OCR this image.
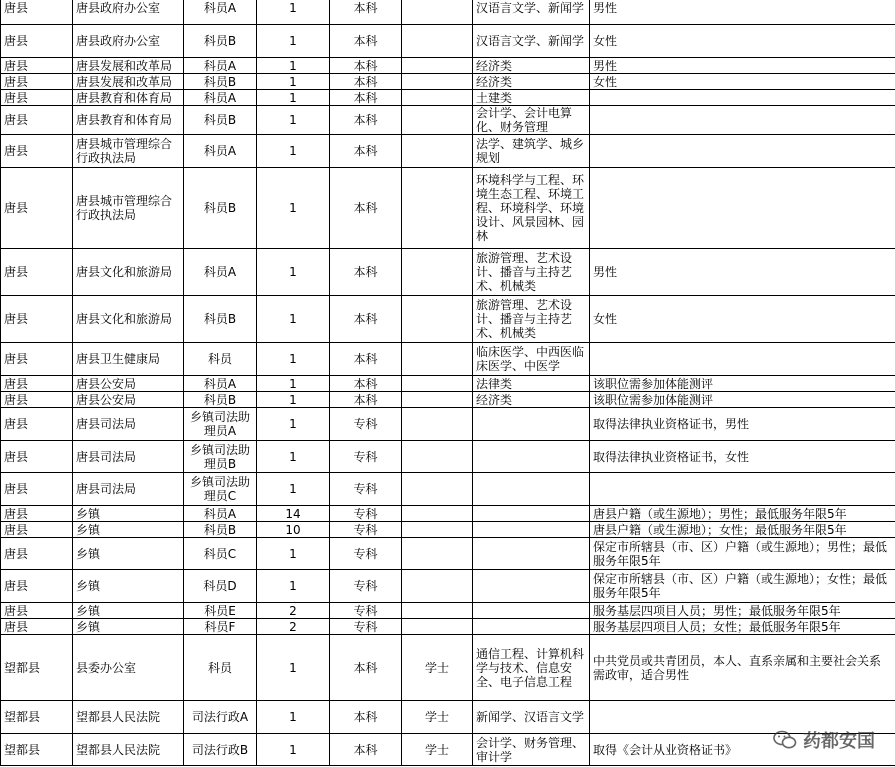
唐县	唐县政府办公室	科员A	1	本科		汉语言文学、新闻学	男性
唐县	唐县政府办公室	科员B	1	本科		汉语言文学、新闻学	女性
唐县	唐县发展和改革局	科员A	1	本科		经济类	男性
唐县	唐县发展和改革局	科员B	1	本科		经济类	女性
唐县	唐县教育和体育局	科员A	1	本科		土建类	
唐县	唐县教育和体育局	科员B	1	本科		会计学、会计电算化、财务管理	
唐县	唐县城市管理综合行政执法局	科员A	1	本科		法学、建筑学、城乡规划	
唐县	唐县城市管理综合行政执法局	科员B	1	本科		环境科学与工程、环境生态工程、环境工程、环境科学、环境设计、风景园林、园林	
唐县	唐县文化和旅游局	科员A	1	本科		旅游管理、艺术设计、播音与主持艺术、机械类	男性
唐县	唐县文化和旅游局	科员B	1	本科		旅游管理、艺术设计、播音与主持艺术、机械类	女性
唐县	唐县卫生健康局	科员	1	本科		临床医学、中西医临床医学、中医学	
唐县	唐县公安局	科员A	1	本科		法律类	该职位需参加体能测评
唐县	唐县公安局	科员B	1	本科		经济类	该职位需参加体能测评
唐县	唐县司法局	乡镇司法助理员A	1	专科			取得法律执业资格证书，男性
唐县	唐县司法局	乡镇司法助理员B	1	专科			取得法律执业资格证书，女性
唐县	唐县司法局	乡镇司法助理员C	1	专科			
唐县	乡镇	科员A	14	专科			唐县户籍（或生源地）；男性；最低服务年限5年
唐县	乡镇	科员B	10	专科			唐县户籍（或生源地）；女性；最低服务年限5年
唐县	乡镇	科员C	1	专科			保定市所辖县（市、区）户籍（或生源地）；男性；最低服务年限5年
唐县	乡镇	科员D	1	专科			保定市所辖县（市、区）户籍（或生源地）；女性；最低服务年限5年
唐县	乡镇	科员E	2	专科			服务基层四项目人员；男性；最低服务年限5年
唐县	乡镇	科员F	2	专科			服务基层四项目人员；女性；最低服务年限5年
望都县	县委办公室	科员	1	本科	学士	通信工程、计算机科学与技术、信息安全、电子信息工程	中共党员或共青团员，本人、直系亲属和主要社会关系需政审，适合男性
望都县	望都县人民法院	司法行政A	1	本科	学士	新闻学、汉语言文学	
望都县	望都县人民法院	司法行政B	1	本科	学士	会计学、财务管理、审计学	取得《会计从业资格证书》	药都安国
